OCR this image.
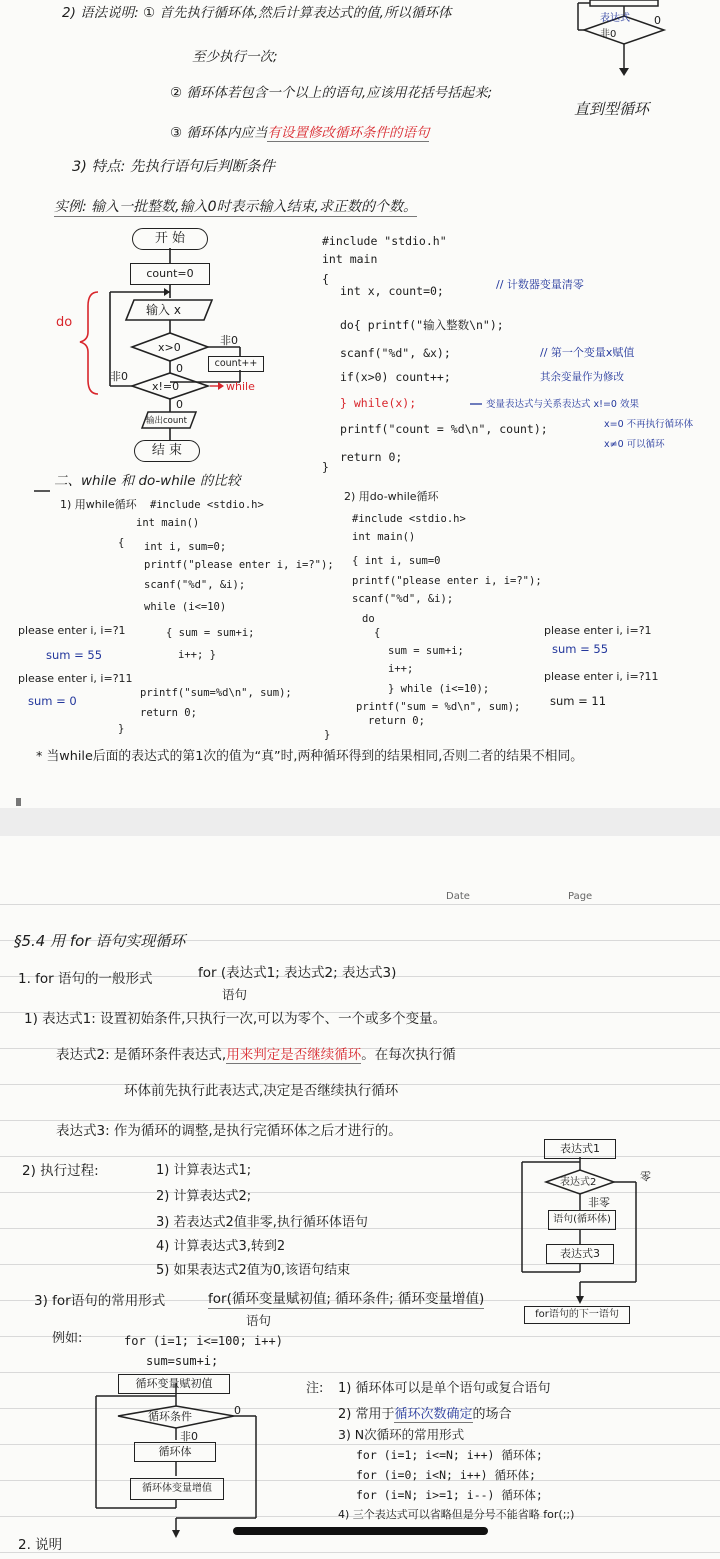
2) 语法说明: ① 首先执行循环体,然后计算表达式的值,所以循环体
至少执行一次;
② 循环体若包含一个以上的语句,应该用花括号括起来;
③ 循环体内应当有设置修改循环条件的语句
表达式
非0
0
直到型循环
3) 特点: 先执行语句后判断条件
实例: 输入一批整数,输入0时表示输入结束,求正数的个数。
开 始
count=0
输入 x
x>0
非0
0	count++
x!=0
非0
0
while
输出count
结 束
do
#include "stdio.h"
int main
{
int x, count=0;
do{ printf("输入整数\n");
scanf("%d", &x);
if(x>0) count++;
} while(x);
printf("count = %d\n", count);
return 0;
}
// 计数器变量清零
// 第一个变量x赋值
其余变量作为修改
变量表达式与关系表达式 x!=0 效果
x=0 不再执行循环体
x≠0 可以循环
二、while 和 do-while 的比较
1) 用while循环 #include <stdio.h>
int main()
{ int i, sum=0;
printf("please enter i, i=?");
scanf("%d", &i);
while (i<=10)
{ sum = sum+i;
i++; }
printf("sum=%d\n", sum);
return 0;
}
please enter i, i=?1
sum = 55
please enter i, i=?11
sum = 0
2) 用do-while循环
#include <stdio.h>
int main()
{ int i, sum=0
printf("please enter i, i=?");
scanf("%d", &i);
do
{
sum = sum+i;
i++;
} while (i<=10);
printf("sum = %d\n", sum);
return 0;
}
please enter i, i=?1
sum = 55
please enter i, i=?11
sum = 11
* 当while后面的表达式的第1次的值为“真”时,两种循环得到的结果相同,否则二者的结果不相同。
Date	Page
§5.4 用 for 语句实现循环
1. for 语句的一般形式	for (表达式1; 表达式2; 表达式3)
语句
1) 表达式1: 设置初始条件,只执行一次,可以为零个、一个或多个变量。
表达式2: 是循环条件表达式,用来判定是否继续循环。在每次执行循
环体前先执行此表达式,决定是否继续执行循环
表达式3: 作为循环的调整,是执行完循环体之后才进行的。
2) 执行过程:	1) 计算表达式1;
2) 计算表达式2;
3) 若表达式2值非零,执行循环体语句
4) 计算表达式3,转到2
5) 如果表达式2值为0,该语句结束
表达式1
表达式2	零
非零
语句(循环体)
表达式3
for语句的下一语句
3) for语句的常用形式	for(循环变量赋初值; 循环条件; 循环变量增值)
语句
例如:	for (i=1; i<=100; i++)
sum=sum+i;
循环变量赋初值
循环条件	0
非0
循环体
循环体变量增值
注: 1) 循环体可以是单个语句或复合语句
2) 常用于循环次数确定的场合
3) N次循环的常用形式
for (i=1; i<=N; i++) 循环体;
for (i=0; i<N; i++) 循环体;
for (i=N; i>=1; i--) 循环体;
4) 三个表达式可以省略但是分号不能省略 for(;;)
2. 说明
